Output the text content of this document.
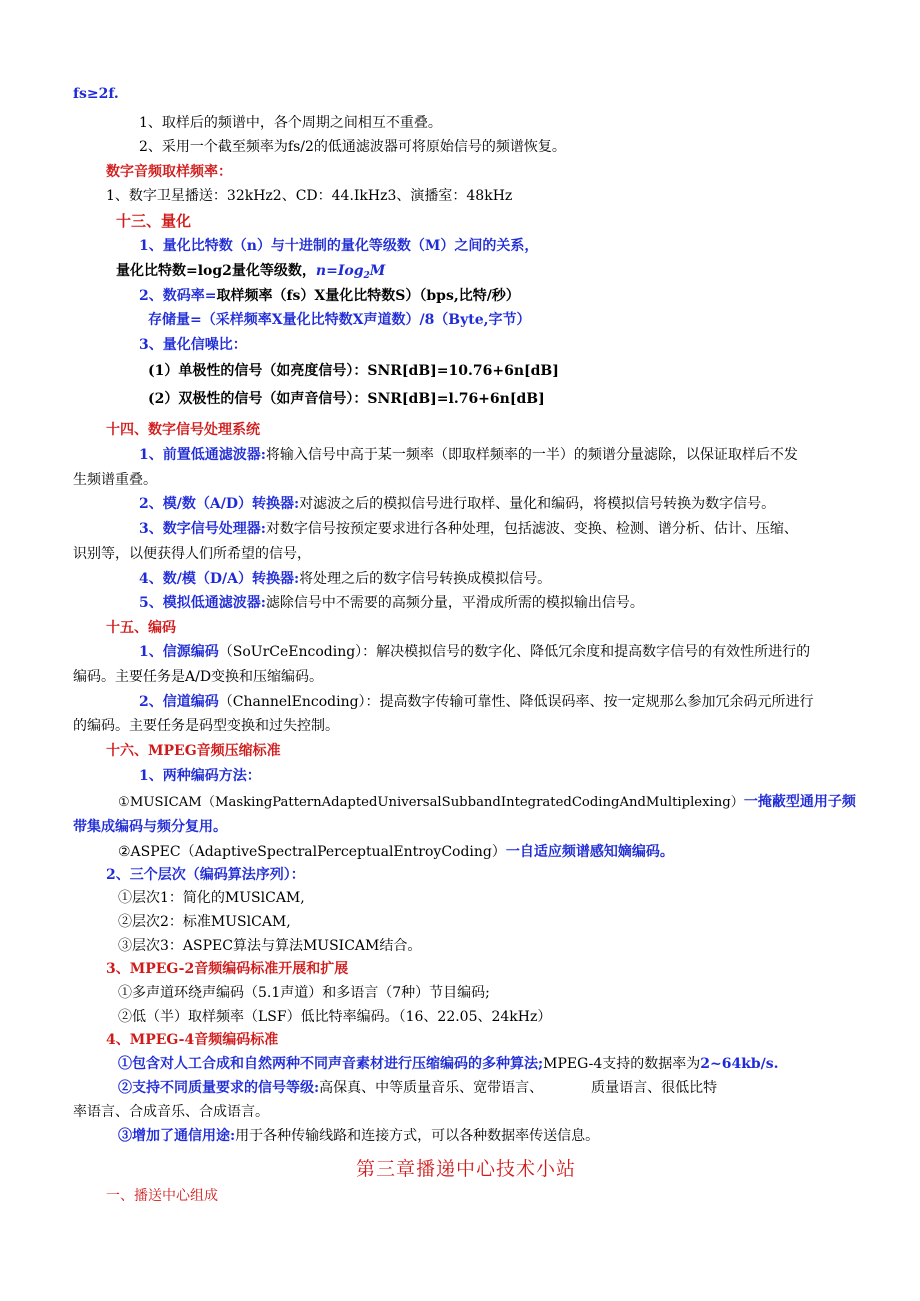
fs≥2f.
1、取样后的频谱中，各个周期之间相互不重叠。
2、采用一个截至频率为fs/2的低通滤波器可将原始信号的频谱恢复。
数字音频取样频率：
1、数字卫星播送：32kHz2、CD：44.IkHz3、演播室：48kHz
十三、量化
1、量化比特数（n）与十进制的量化等级数（M）之间的关系，
量化比特数=log2量化等级数，n=Iog$_2$M
2、数码率=取样频率（fs）X量化比特数S）（bps,比特/秒）
存储量=（采样频率X量化比特数X声道数）/8（Byte,字节）
3、量化信噪比：
(1）单极性的信号（如亮度信号）：SNR[dB]=10.76+6n[dB]
(2）双极性的信号（如声音信号）：SNR[dB]=l.76+6n[dB]
十四、数字信号处理系统
1、前置低通滤波器:将输入信号中高于某一频率（即取样频率的一半）的频谱分量滤除，以保证取样后不发
生频谱重叠。
2、模/数（A/D）转换器:对滤波之后的模拟信号进行取样、量化和编码，将模拟信号转换为数字信号。
3、数字信号处理器:对数字信号按预定要求进行各种处理，包括滤波、变换、检测、谱分析、估计、压缩、
识别等，以便获得人们所希望的信号，
4、数/模（D/A）转换器:将处理之后的数字信号转换成模拟信号。
5、模拟低通滤波器:滤除信号中不需要的高频分量，平滑成所需的模拟输出信号。
十五、编码
1、信源编码（SoUrCeEncoding）：解决模拟信号的数字化、降低冗余度和提高数字信号的有效性所进行的
编码。主要任务是A/D变换和压缩编码。
2、信道编码（ChannelEncoding）：提高数字传输可靠性、降低误码率、按一定规那么参加冗余码元所进行
的编码。主要任务是码型变换和过失控制。
十六、MPEG音频压缩标准
1、两种编码方法：
①MUSICAM（MaskingPatternAdaptedUniversalSubbandIntegratedCodingAndMultiplexing）一掩蔽型通用子频
带集成编码与频分复用。
②ASPEC（AdaptiveSpectralPerceptualEntroyCoding）一自适应频谱感知嫡编码。
2、三个层次（编码算法序列）：
①层次1：简化的MUSlCAM,
②层次2：标准MUSlCAM,
③层次3：ASPEC算法与算法MUSICAM结合。
3、MPEG-2音频编码标准开展和扩展
①多声道环绕声编码（5.1声道）和多语言（7种）节目编码;
②低（半）取样频率（LSF）低比特率编码。（16、22.05、24kHz）
4、MPEG-4音频编码标准
①包含对人工合成和自然两种不同声音素材进行压缩编码的多种算法;MPEG-4支持的数据率为2~64kb∕s.
②支持不同质量要求的信号等级:高保真、中等质量音乐、宽带语言、	质量语言、很低比特
率语言、合成音乐、合成语言。
③增加了通信用途:用于各种传输线路和连接方式，可以各种数据率传送信息。
第三章播递中心技术小站
一、播送中心组成
